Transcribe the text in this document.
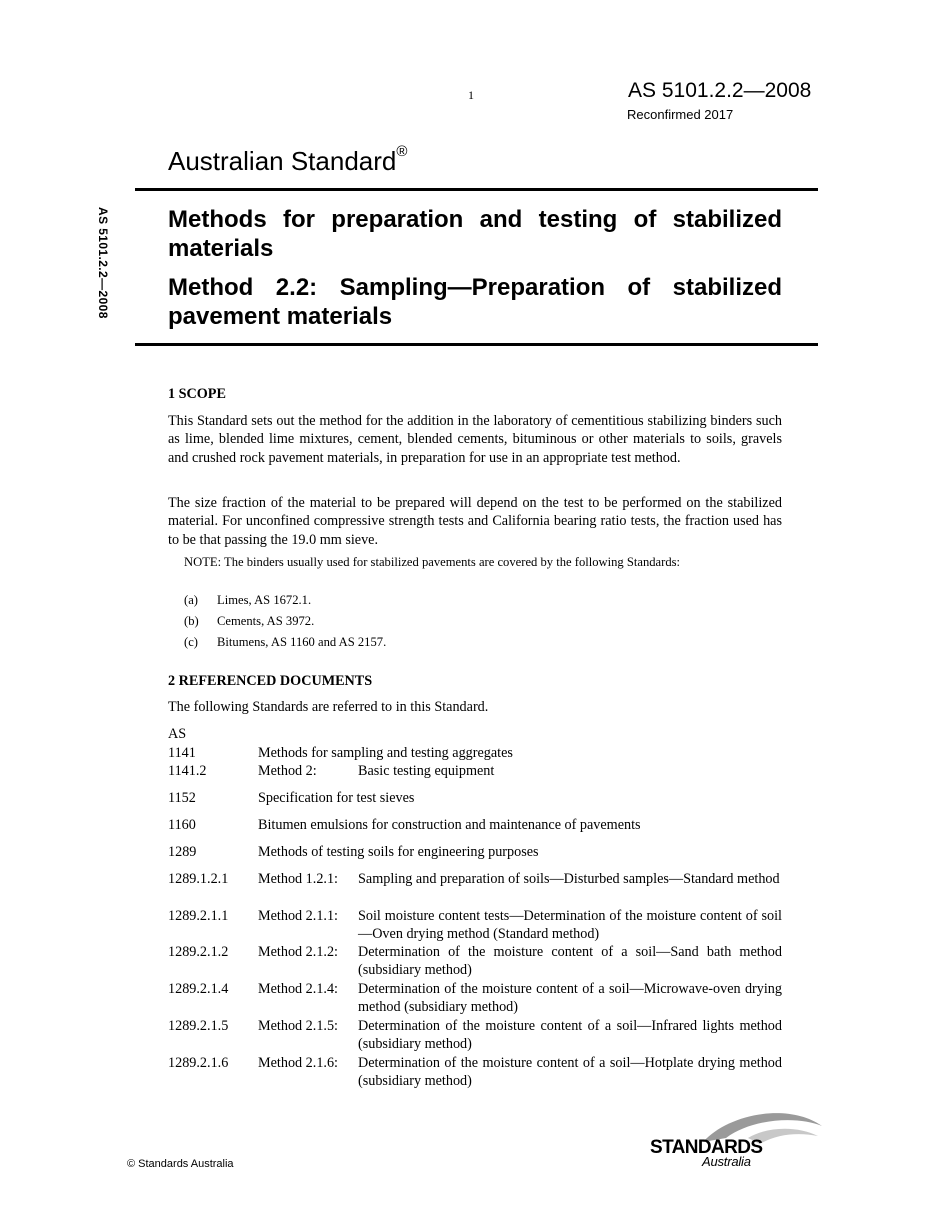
1	AS 5101.2.2—2008
Reconfirmed 2017
Australian Standard®
AS 5101.2.2—2008 Methods for preparation and testing of stabilized materials
Method 2.2: Sampling—Preparation of stabilized pavement materials
1 SCOPE
This Standard sets out the method for the addition in the laboratory of cementitious stabilizing binders such as lime, blended lime mixtures, cement, blended cements, bituminous or other materials to soils, gravels and crushed rock pavement materials, in preparation for use in an appropriate test method.
The size fraction of the material to be prepared will depend on the test to be performed on the stabilized material. For unconfined compressive strength tests and California bearing ratio tests, the fraction used has to be that passing the 19.0 mm sieve.
NOTE: The binders usually used for stabilized pavements are covered by the following Standards:
(a) Limes, AS 1672.1.
(b) Cements, AS 3972.
(c) Bitumens, AS 1160 and AS 2157.
2 REFERENCED DOCUMENTS
The following Standards are referred to in this Standard.
AS
1141	Methods for sampling and testing aggregates
1141.2	Method 2:	Basic testing equipment
1152	Specification for test sieves
1160	Bitumen emulsions for construction and maintenance of pavements
1289	Methods of testing soils for engineering purposes
1289.1.2.1 Method 1.2.1: Sampling and preparation of soils—Disturbed samples—Standard method
1289.2.1.1 Method 2.1.1: Soil moisture content tests—Determination of the moisture content of soil—Oven drying method (Standard method)
1289.2.1.2 Method 2.1.2: Determination of the moisture content of a soil—Sand bath method (subsidiary method)
1289.2.1.4 Method 2.1.4: Determination of the moisture content of a soil—Microwave-oven drying method (subsidiary method)
1289.2.1.5 Method 2.1.5: Determination of the moisture content of a soil—Infrared lights method (subsidiary method)
1289.2.1.6 Method 2.1.6: Determination of the moisture content of a soil—Hotplate drying method (subsidiary method)
© Standards Australia
STANDARDS
Australia
